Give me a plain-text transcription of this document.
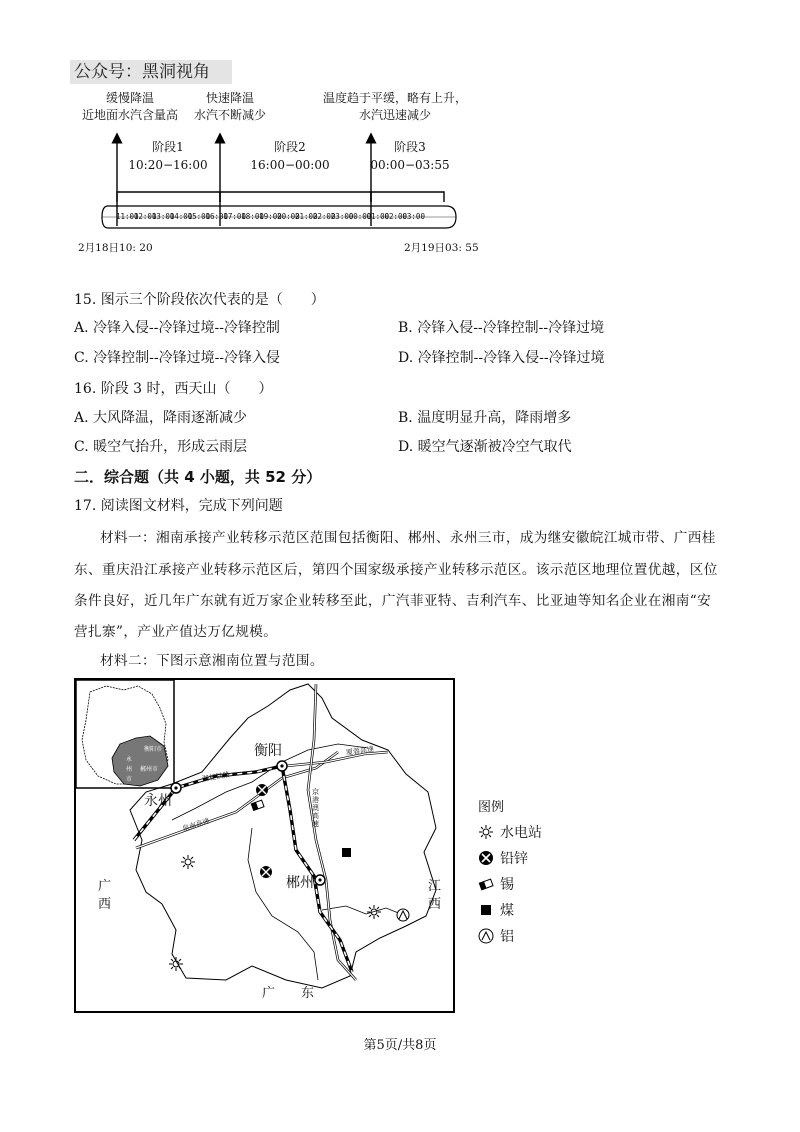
公众号：黑洞视角
缓慢降温
近地面水汽含量高
快速降温
水汽不断减少
温度趋于平缓，略有上升，
水汽迅速减少
阶段1
10:20−16:00
阶段2
16:00−00:00
阶段3
00:00−03:55
11:00
12:00
13:00
14:00
15:00
16:00
17:00
18:00
19:00
20:00
21:00
22:00
23:00
00:00
01:00
02:00
03:00
2月18日10: 20	2月19日03: 55
15. 图示三个阶段依次代表的是（　　）
A. 冷锋入侵--冷锋过境--冷锋控制	B. 冷锋入侵--冷锋控制--冷锋过境
C. 冷锋控制--冷锋过境--冷锋入侵	D. 冷锋控制--冷锋入侵--冷锋过境
16. 阶段 3 时，西天山（　　）
A. 大风降温，降雨逐渐减少	B. 温度明显升高，降雨增多
C. 暖空气抬升，形成云雨层	D. 暖空气逐渐被冷空气取代
二．综合题（共 4 小题，共 52 分）
17. 阅读图文材料，完成下列问题
材料一：湘南承接产业转移示范区范围包括衡阳、郴州、永州三市，成为继安徽皖江城市带、广西桂
东、重庆沿江承接产业转移示范区后，第四个国家级承接产业转移示范区。该示范区地理位置优越，区位
条件良好，近几年广东就有近万家企业转移至此，广汽菲亚特、吉利汽车、比亚迪等知名企业在湘南“安
营扎寨”，产业产值达万亿规模。
材料二：下图示意湘南位置与范围。
衡阳
永州
郴州
湘桂铁路
京港澳高速
泉南高速
厦蓉高速
广
西
江
西
广 东
衡阳市
永
州 郴州市
市
图例
水电站
铅锌
锡
煤
铝
第5页/共8页
